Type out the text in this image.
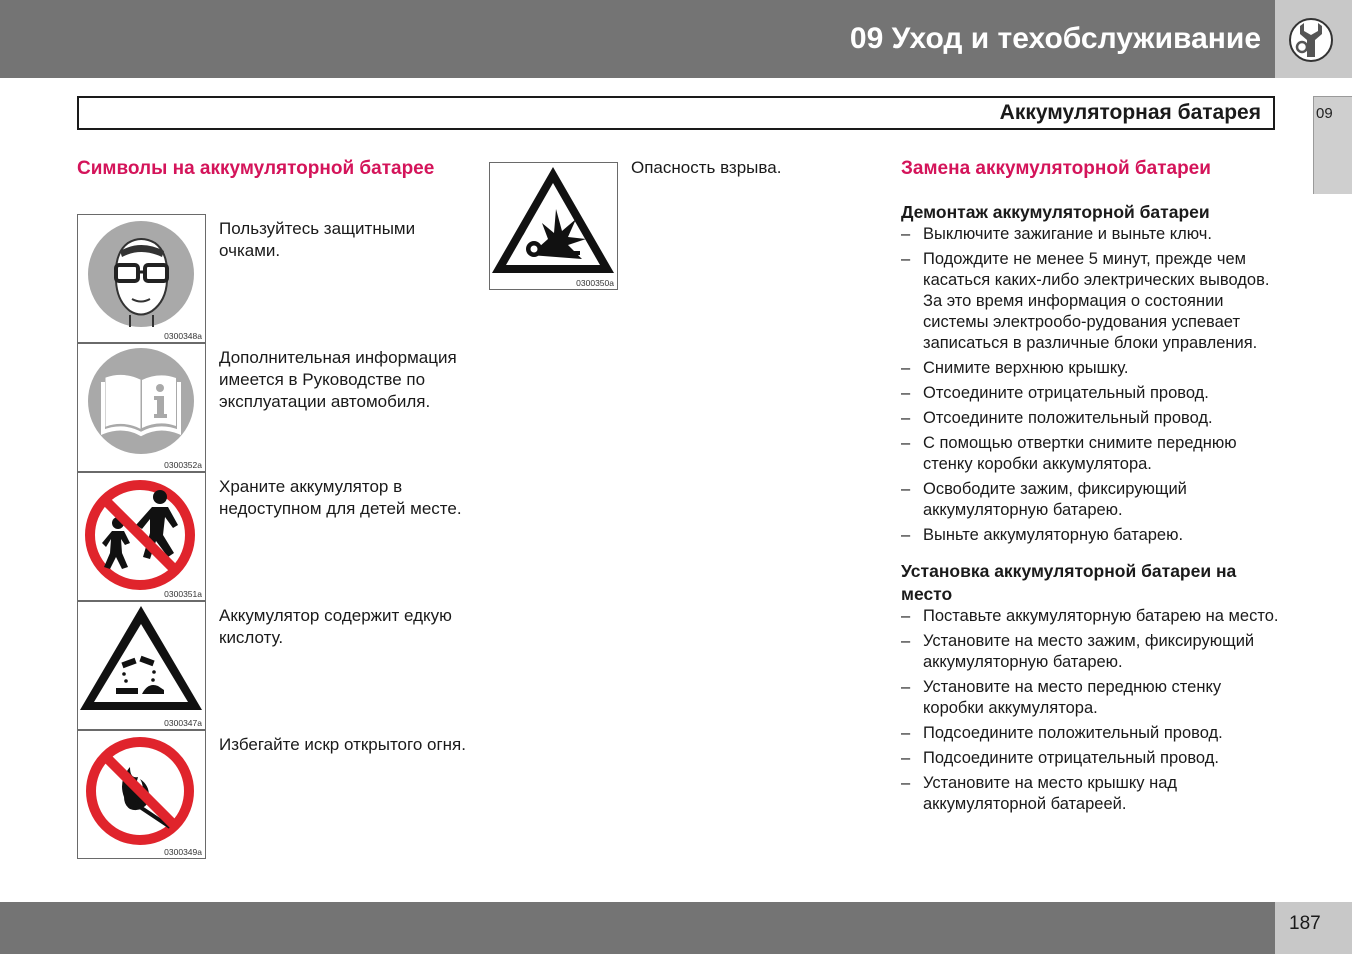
09 Уход и техобслуживание
09
Аккумуляторная батарея
Символы на аккумуляторной батарее
0300348a
Пользуйтесь защитными очками.
0300352a
Дополнительная информация имеется в Руководстве по эксплуатации автомобиля.
0300351a
Храните аккумулятор в недоступном для детей месте.
0300347a
Аккумулятор содержит едкую кислоту.
0300349a
Избегайте искр открытого огня.
0300350a
Опасность взрыва.	Замена аккумуляторной батареи
Демонтаж аккумуляторной батареи
– Выключите зажигание и выньте ключ.
– Подождите не менее 5 минут, прежде чем касаться каких-либо электрических выводов. За это время информация о состоянии системы электрообо-рудования успевает записаться в различные блоки управления.
– Снимите верхнюю крышку.
– Отсоедините отрицательный провод.
– Отсоедините положительный провод.
– С помощью отвертки снимите переднюю стенку коробки аккумулятора.
– Освободите зажим, фиксирующий аккумуляторную батарею.
– Выньте аккумуляторную батарею.
Установка аккумуляторной батареи на место
– Поставьте аккумуляторную батарею на место.
– Установите на место зажим, фиксирующий аккумуляторную батарею.
– Установите на место переднюю стенку коробки аккумулятора.
– Подсоедините положительный провод.
– Подсоедините отрицательный провод.
– Установите на место крышку над аккумуляторной батареей.
187
